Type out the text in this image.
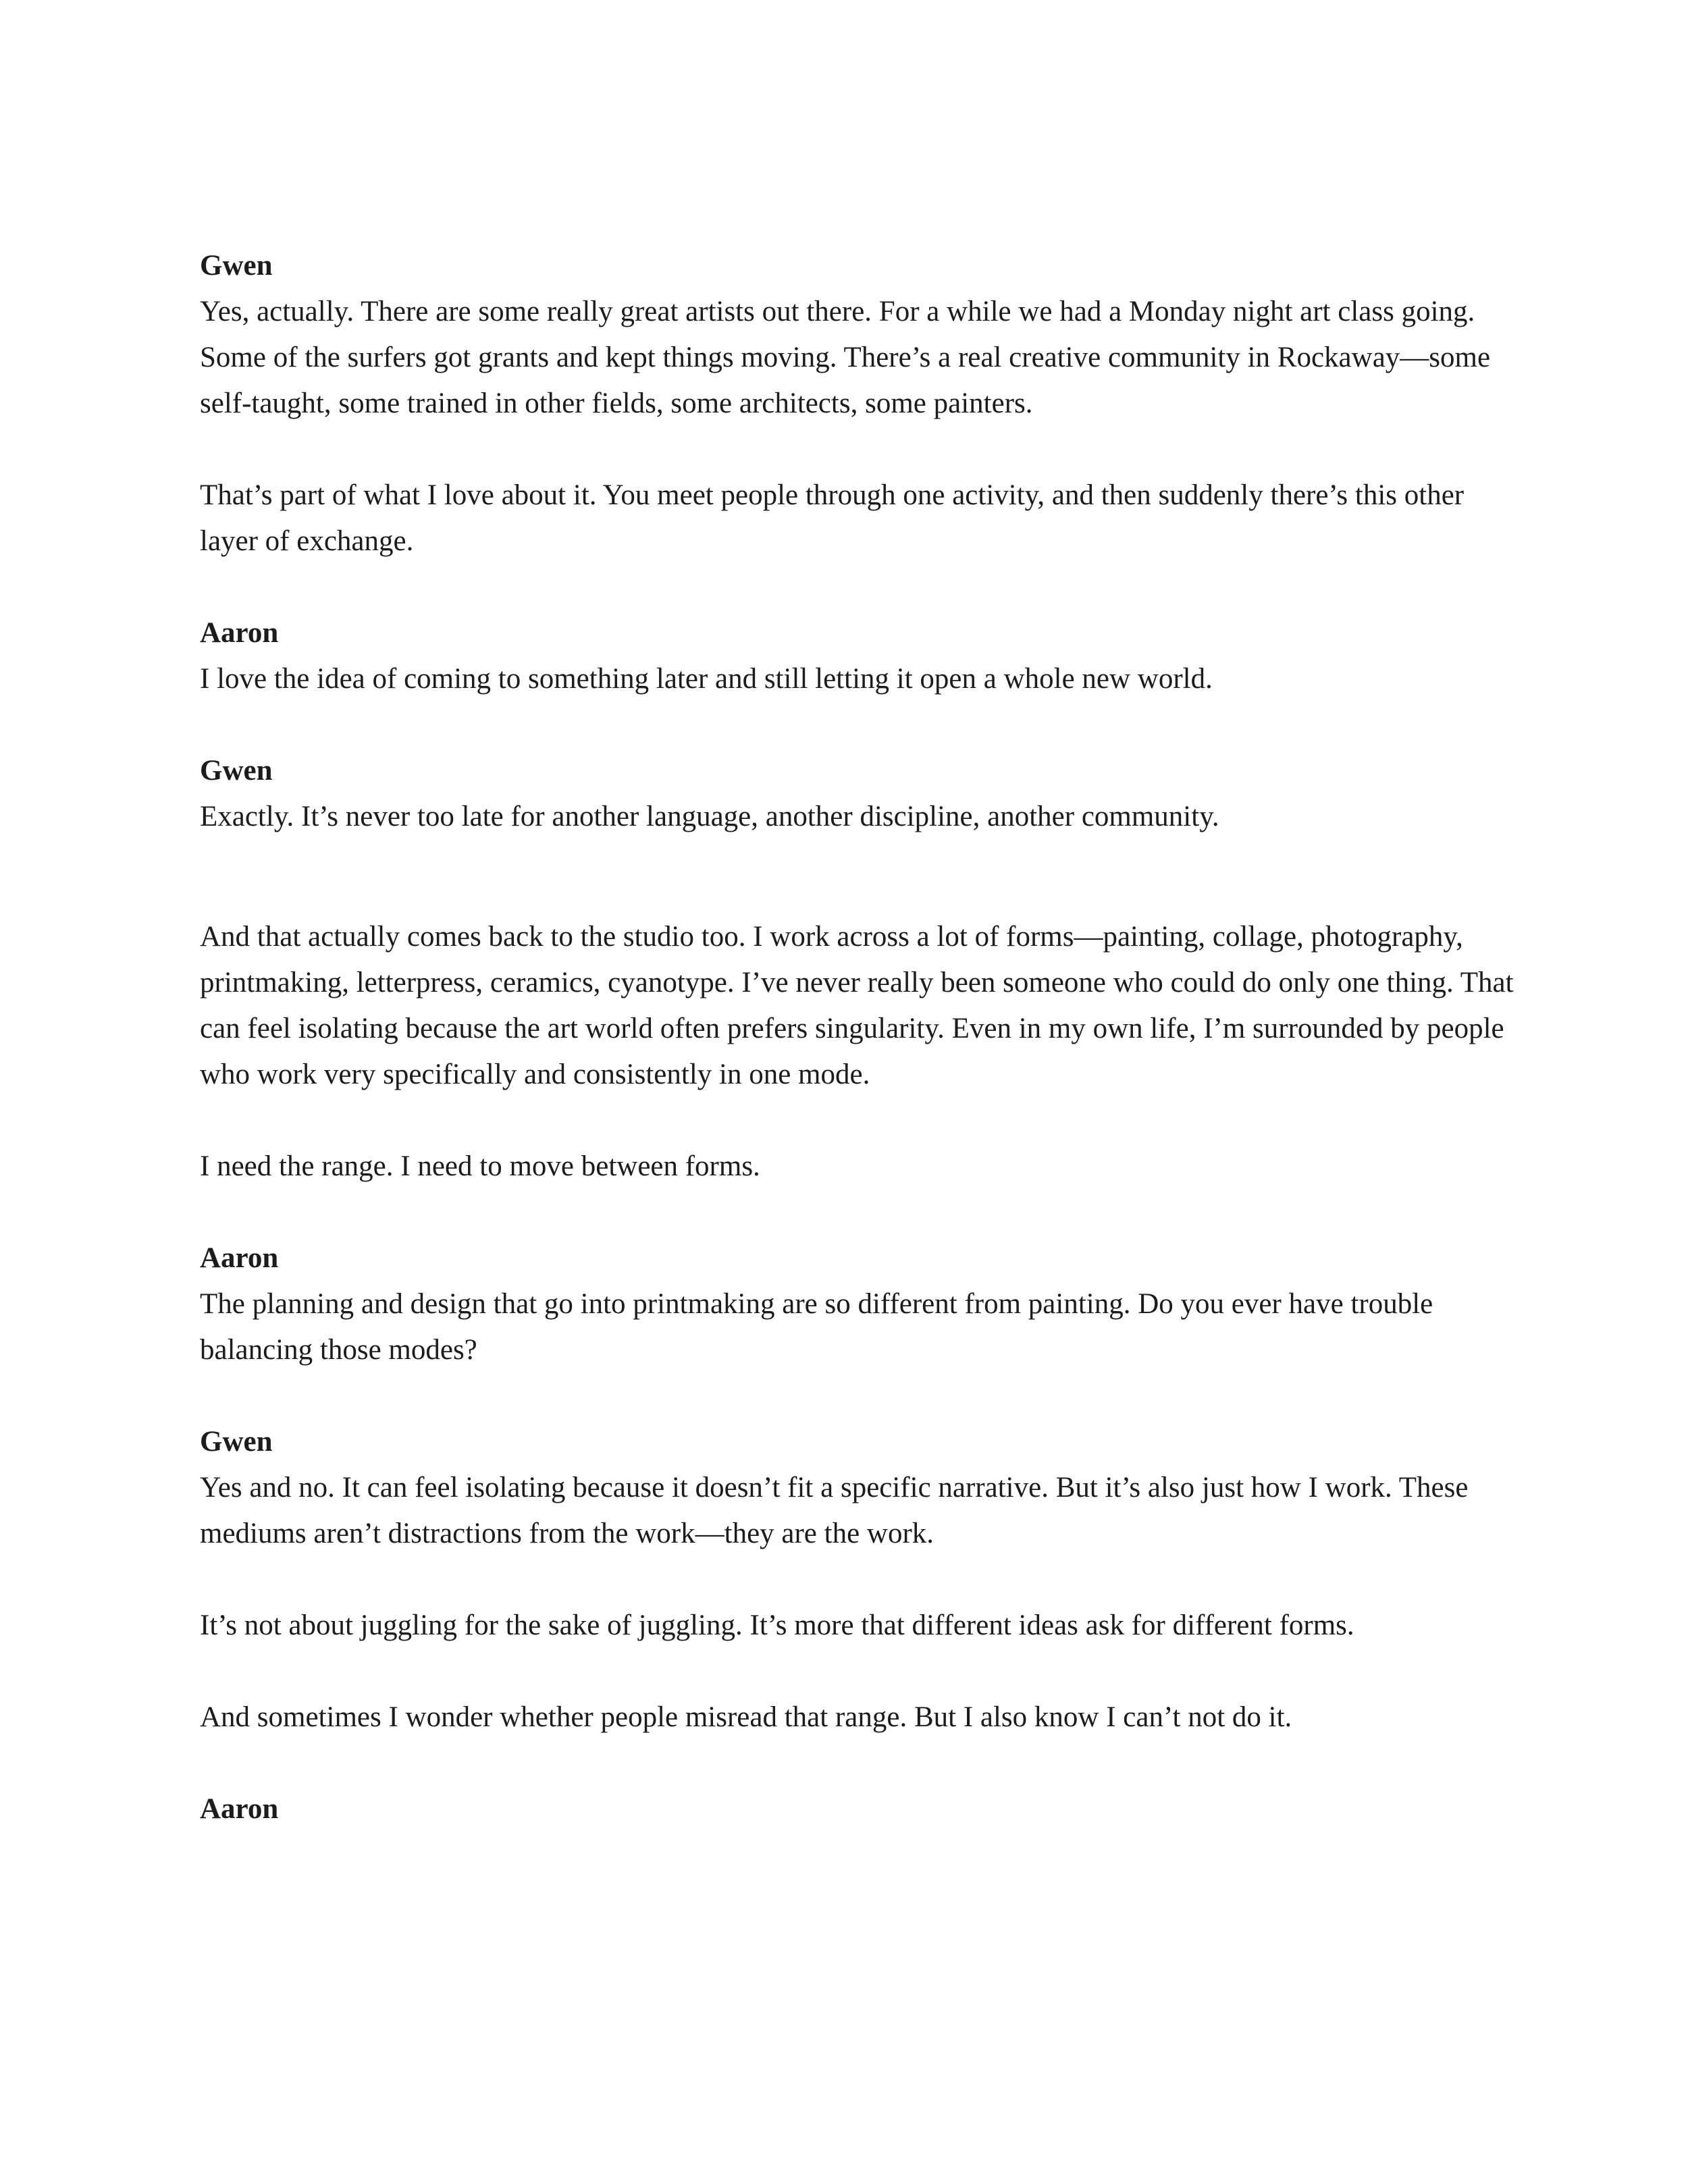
Gwen

Yes, actually. There are some really great artists out there. For a while we had a Monday night art class going. Some of the surfers got grants and kept things moving. There’s a real creative community in Rockaway—some self-taught, some trained in other fields, some architects, some painters.

That’s part of what I love about it. You meet people through one activity, and then suddenly there’s this other layer of exchange.

Aaron

I love the idea of coming to something later and still letting it open a whole new world.

Gwen

Exactly. It’s never too late for another language, another discipline, another community.

And that actually comes back to the studio too. I work across a lot of forms—painting, collage, photography, printmaking, letterpress, ceramics, cyanotype. I’ve never really been someone who could do only one thing. That can feel isolating because the art world often prefers singularity. Even in my own life, I’m surrounded by people who work very specifically and consistently in one mode.

I need the range. I need to move between forms.

Aaron

The planning and design that go into printmaking are so different from painting. Do you ever have trouble balancing those modes?

Gwen

Yes and no. It can feel isolating because it doesn’t fit a specific narrative. But it’s also just how I work. These mediums aren’t distractions from the work—they are the work.

It’s not about juggling for the sake of juggling. It’s more that different ideas ask for different forms.

And sometimes I wonder whether people misread that range. But I also know I can’t not do it.

Aaron
